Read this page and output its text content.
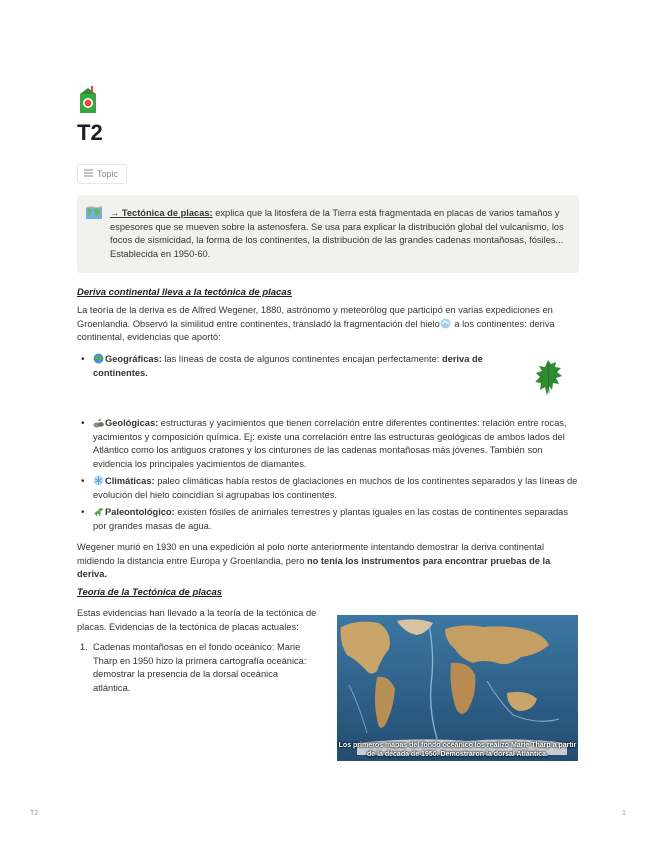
T2
Topic
→ Tectónica de placas: explica que la litosfera de la Tierra está fragmentada en placas de varios tamaños y espesores que se mueven sobre la astenosfera. Se usa para explicar la distribución global del vulcanismo, los focos de sismicidad, la forma de los continentes, la distribución de las grandes cadenas montañosas, fósiles... Establecida en 1950-60.
Deriva continental lleva a la tectónica de placas

La teoría de la deriva es de Alfred Wegener, 1880, astrónomo y meteorólog que participó en varias expediciones en Groenlandia. Observó la similitud entre continentes, transladó la fragmentación del hielo a los continentes: deriva continental, evidencias que aportó:

• Geográficas: las líneas de costa de algunos continentes encajan perfectamente: deriva de continentes.
• Geológicas: estructuras y yacimientos que tienen correlación entre diferentes continentes: relación entre rocas, yacimientos y composición química. Ej: existe una correlación entre las estructuras geológicas de ambos lados del Atlántico como los antiguos cratones y los cinturones de las cadenas montañosas más jóvenes. También son evidencia los principales yacimientos de diamantes.
• Climáticas: paleo climáticas había restos de glaciaciones en muchos de los continentes separados y las líneas de evolución del hielo coincidían si agrupabas los continentes.
• Paleontológico: existen fósiles de animales terrestres y plantas iguales en las costas de continentes separadas por grandes masas de agua.

Wegener murió en 1930 en una expedición al polo norte anteriormente intentando demostrar la deriva continental midiendo la distancia entre Europa y Groenlandia, pero no tenía los instrumentos para encontrar pruebas de la deriva.

Teoría de la Tectónica de placas

Estas evidencias han llevado a la teoría de la tectónica de placas. Evidencias de la tectónica de placas actuales:

1. Cadenas montañosas en el fondo oceánico: Marie Tharp en 1950 hizo la primera cartografía oceánica: demostrar la presencia de la dorsal oceánica atlántica.
Los primeros mapas del fondo oceánico los realizó Marie Tharp a partir de la década de 1950. Demostraron la dorsal Atlántica.
T2	1
